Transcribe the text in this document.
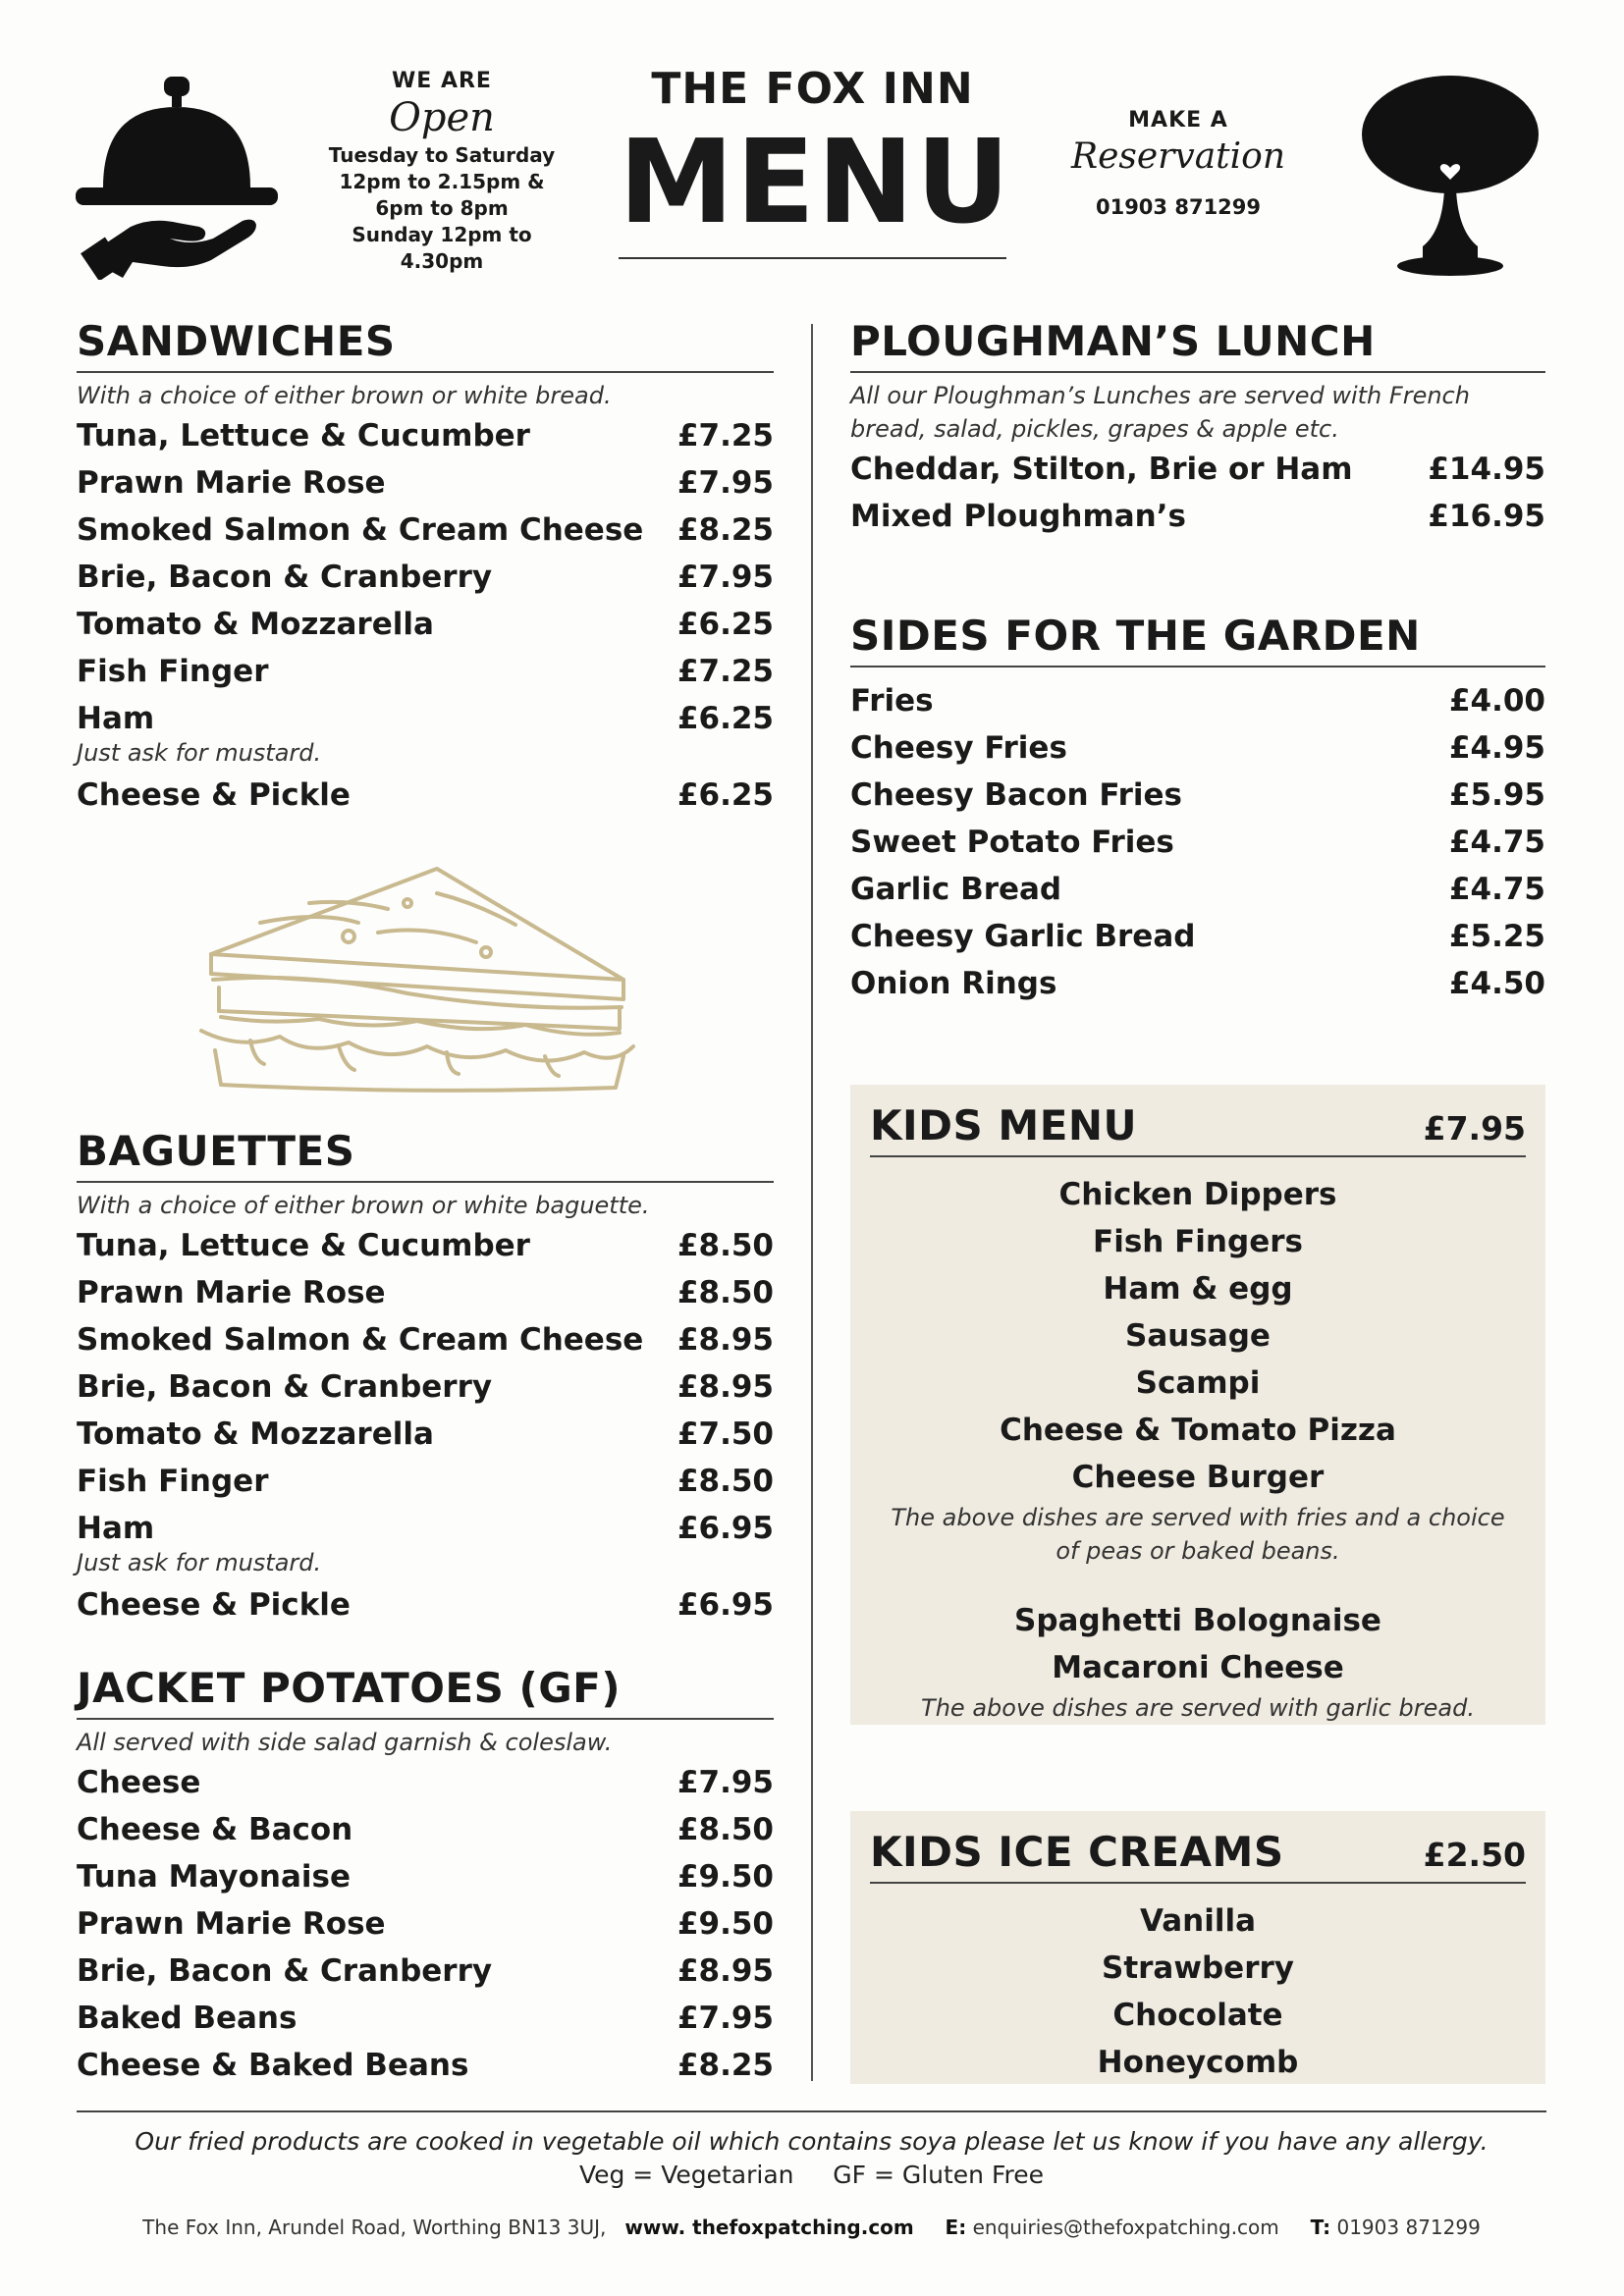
WE ARE
Open
Tuesday to Saturday
12pm to 2.15pm &
6pm to 8pm
Sunday 12pm to 4.30pm
THE FOX INN
MENU	MAKE A
Reservation
01903 871299
SANDWICHES
With a choice of either brown or white bread.
Tuna, Lettuce & Cucumber	£7.25
Prawn Marie Rose	£7.95
Smoked Salmon & Cream Cheese £8.25
Brie, Bacon & Cranberry	£7.95
Tomato & Mozzarella	£6.25
Fish Finger	£7.25
Ham	£6.25
Just ask for mustard.
Cheese & Pickle	£6.25
BAGUETTES
With a choice of either brown or white baguette.
Tuna, Lettuce & Cucumber	£8.50
Prawn Marie Rose	£8.50
Smoked Salmon & Cream Cheese £8.95
Brie, Bacon & Cranberry	£8.95
Tomato & Mozzarella	£7.50
Fish Finger	£8.50
Ham	£6.95
Just ask for mustard.
Cheese & Pickle	£6.95
JACKET POTATOES (GF)
All served with side salad garnish & coleslaw.
Cheese	£7.95
Cheese & Bacon	£8.50
Tuna Mayonaise	£9.50
Prawn Marie Rose	£9.50
Brie, Bacon & Cranberry	£8.95
Baked Beans	£7.95
Cheese & Baked Beans	£8.25
PLOUGHMAN’S LUNCH
All our Ploughman’s Lunches are served with French bread, salad, pickles, grapes & apple etc.
Cheddar, Stilton, Brie or Ham £14.95
Mixed Ploughman’s	£16.95
SIDES FOR THE GARDEN
Fries	£4.00
Cheesy Fries	£4.95
Cheesy Bacon Fries	£5.95
Sweet Potato Fries	£4.75
Garlic Bread	£4.75
Cheesy Garlic Bread	£5.25
Onion Rings	£4.50
KIDS MENU	£7.95
Chicken Dippers
Fish Fingers
Ham & egg
Sausage
Scampi
Cheese & Tomato Pizza
Cheese Burger
The above dishes are served with fries and a choice of peas or baked beans.
Spaghetti Bolognaise
Macaroni Cheese
The above dishes are served with garlic bread.
KIDS ICE CREAMS	£2.50
Vanilla
Strawberry
Chocolate
Honeycomb
Our fried products are cooked in vegetable oil which contains soya please let us know if you have any allergy.
Veg = Vegetarian     GF = Gluten Free
The Fox Inn, Arundel Road, Worthing BN13 3UJ, www. thefoxpatching.com E: enquiries@thefoxpatching.com T: 01903 871299
